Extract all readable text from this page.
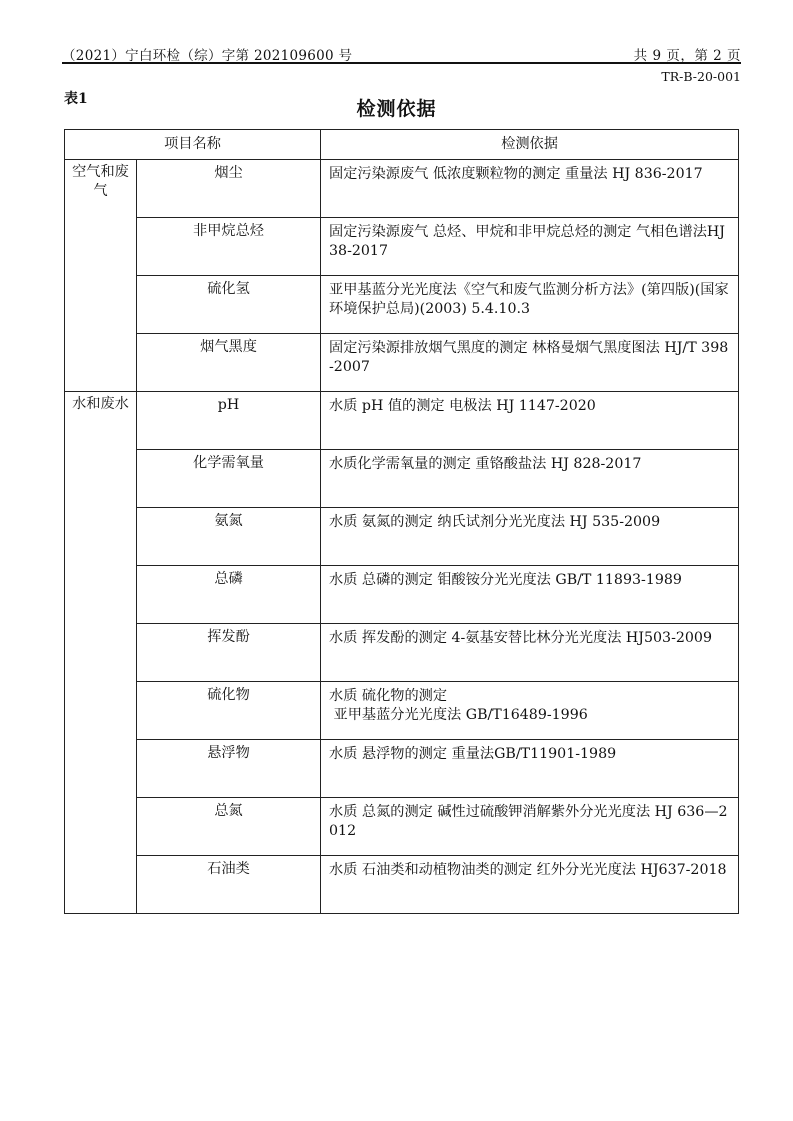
（2021）宁白环检（综）字第 202109600 号	共 9 页，第 2 页
TR-B-20-001
表1	检测依据
项目名称		检测依据
空气和废气	烟尘	固定污染源废气 低浓度颗粒物的测定 重量法 HJ 836-2017
	非甲烷总烃	固定污染源废气 总烃、甲烷和非甲烷总烃的测定 气相色谱法HJ 38-2017
	硫化氢	亚甲基蓝分光光度法《空气和废气监测分析方法》(第四版)(国家环境保护总局)(2003) 5.4.10.3
	烟气黑度	固定污染源排放烟气黑度的测定 林格曼烟气黑度图法 HJ/T 398-2007
水和废水	pH	水质 pH 值的测定 电极法 HJ 1147-2020
	化学需氧量	水质化学需氧量的测定 重铬酸盐法 HJ 828-2017
	氨氮	水质 氨氮的测定 纳氏试剂分光光度法 HJ 535-2009
	总磷	水质 总磷的测定 钼酸铵分光光度法 GB/T 11893-1989
	挥发酚	水质 挥发酚的测定 4-氨基安替比林分光光度法 HJ503-2009
	硫化物	水质 硫化物的测定
亚甲基蓝分光光度法 GB/T16489-1996
	悬浮物	水质 悬浮物的测定 重量法GB/T11901-1989
	总氮	水质 总氮的测定 碱性过硫酸钾消解紫外分光光度法 HJ 636—2012
	石油类	水质 石油类和动植物油类的测定 红外分光光度法 HJ637-2018
